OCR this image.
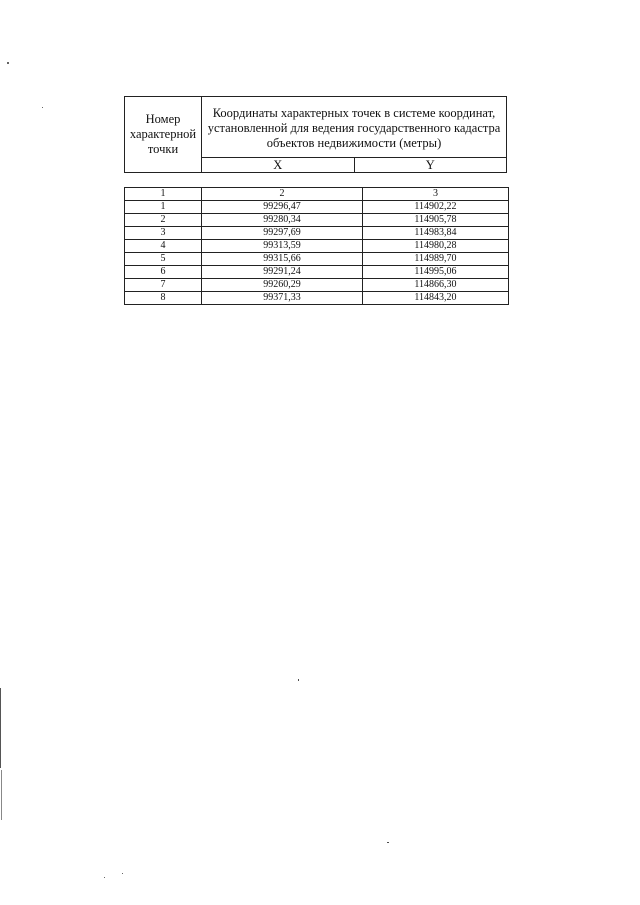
Номер характерной точки	Координаты характерных точек в системе координат, установленной для ведения государственного кадастра объектов недвижимости (метры)	
	X	Y
1	2	3
1	99296,47	114902,22
2	99280,34	114905,78
3	99297,69	114983,84
4	99313,59	114980,28
5	99315,66	114989,70
6	99291,24	114995,06
7	99260,29	114866,30
8	99371,33	114843,20
